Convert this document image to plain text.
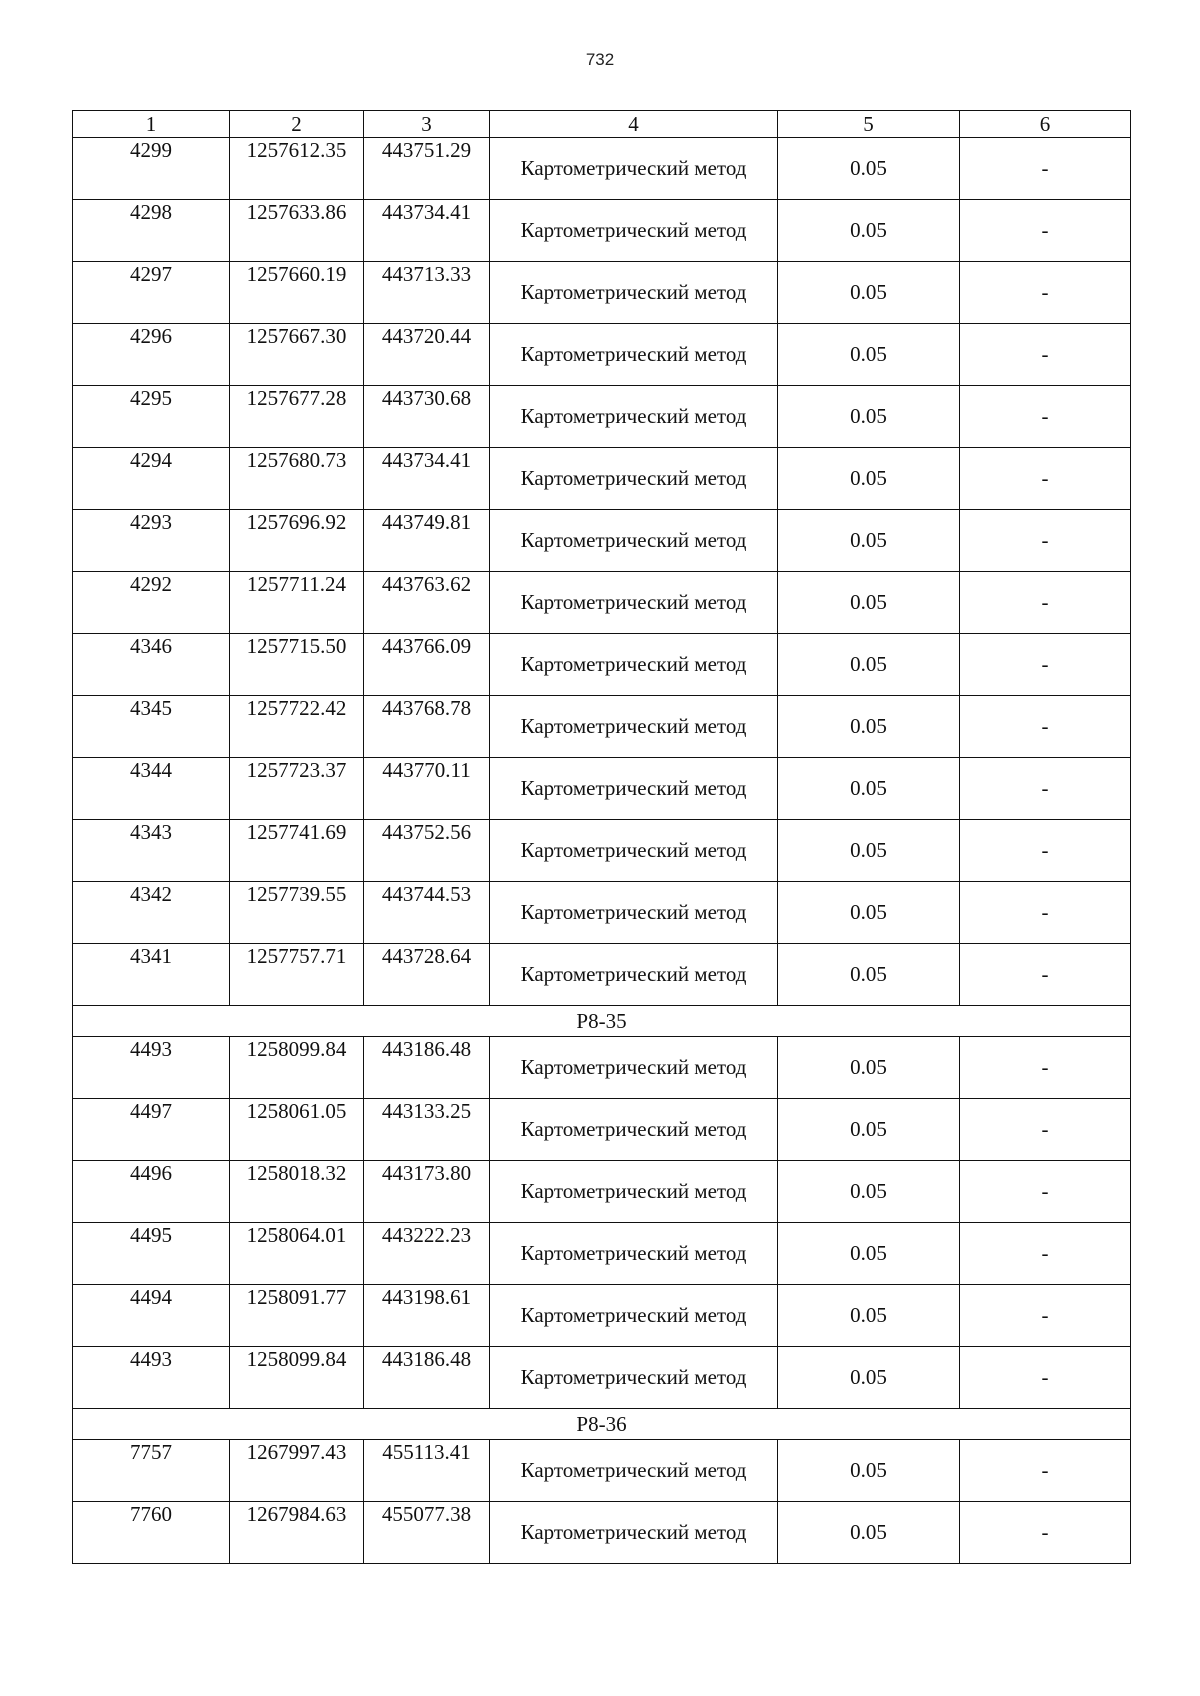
732
1	2	3	4	5	6
4299	1257612.35	443751.29	Картометрический метод	0.05	-
4298	1257633.86	443734.41	Картометрический метод	0.05	-
4297	1257660.19	443713.33	Картометрический метод	0.05	-
4296	1257667.30	443720.44	Картометрический метод	0.05	-
4295	1257677.28	443730.68	Картометрический метод	0.05	-
4294	1257680.73	443734.41	Картометрический метод	0.05	-
4293	1257696.92	443749.81	Картометрический метод	0.05	-
4292	1257711.24	443763.62	Картометрический метод	0.05	-
4346	1257715.50	443766.09	Картометрический метод	0.05	-
4345	1257722.42	443768.78	Картометрический метод	0.05	-
4344	1257723.37	443770.11	Картометрический метод	0.05	-
4343	1257741.69	443752.56	Картометрический метод	0.05	-
4342	1257739.55	443744.53	Картометрический метод	0.05	-
4341	1257757.71	443728.64	Картометрический метод	0.05	-
Р8-35					
4493	1258099.84	443186.48	Картометрический метод	0.05	-
4497	1258061.05	443133.25	Картометрический метод	0.05	-
4496	1258018.32	443173.80	Картометрический метод	0.05	-
4495	1258064.01	443222.23	Картометрический метод	0.05	-
4494	1258091.77	443198.61	Картометрический метод	0.05	-
4493	1258099.84	443186.48	Картометрический метод	0.05	-
Р8-36					
7757	1267997.43	455113.41	Картометрический метод	0.05	-
7760	1267984.63	455077.38	Картометрический метод	0.05	-
